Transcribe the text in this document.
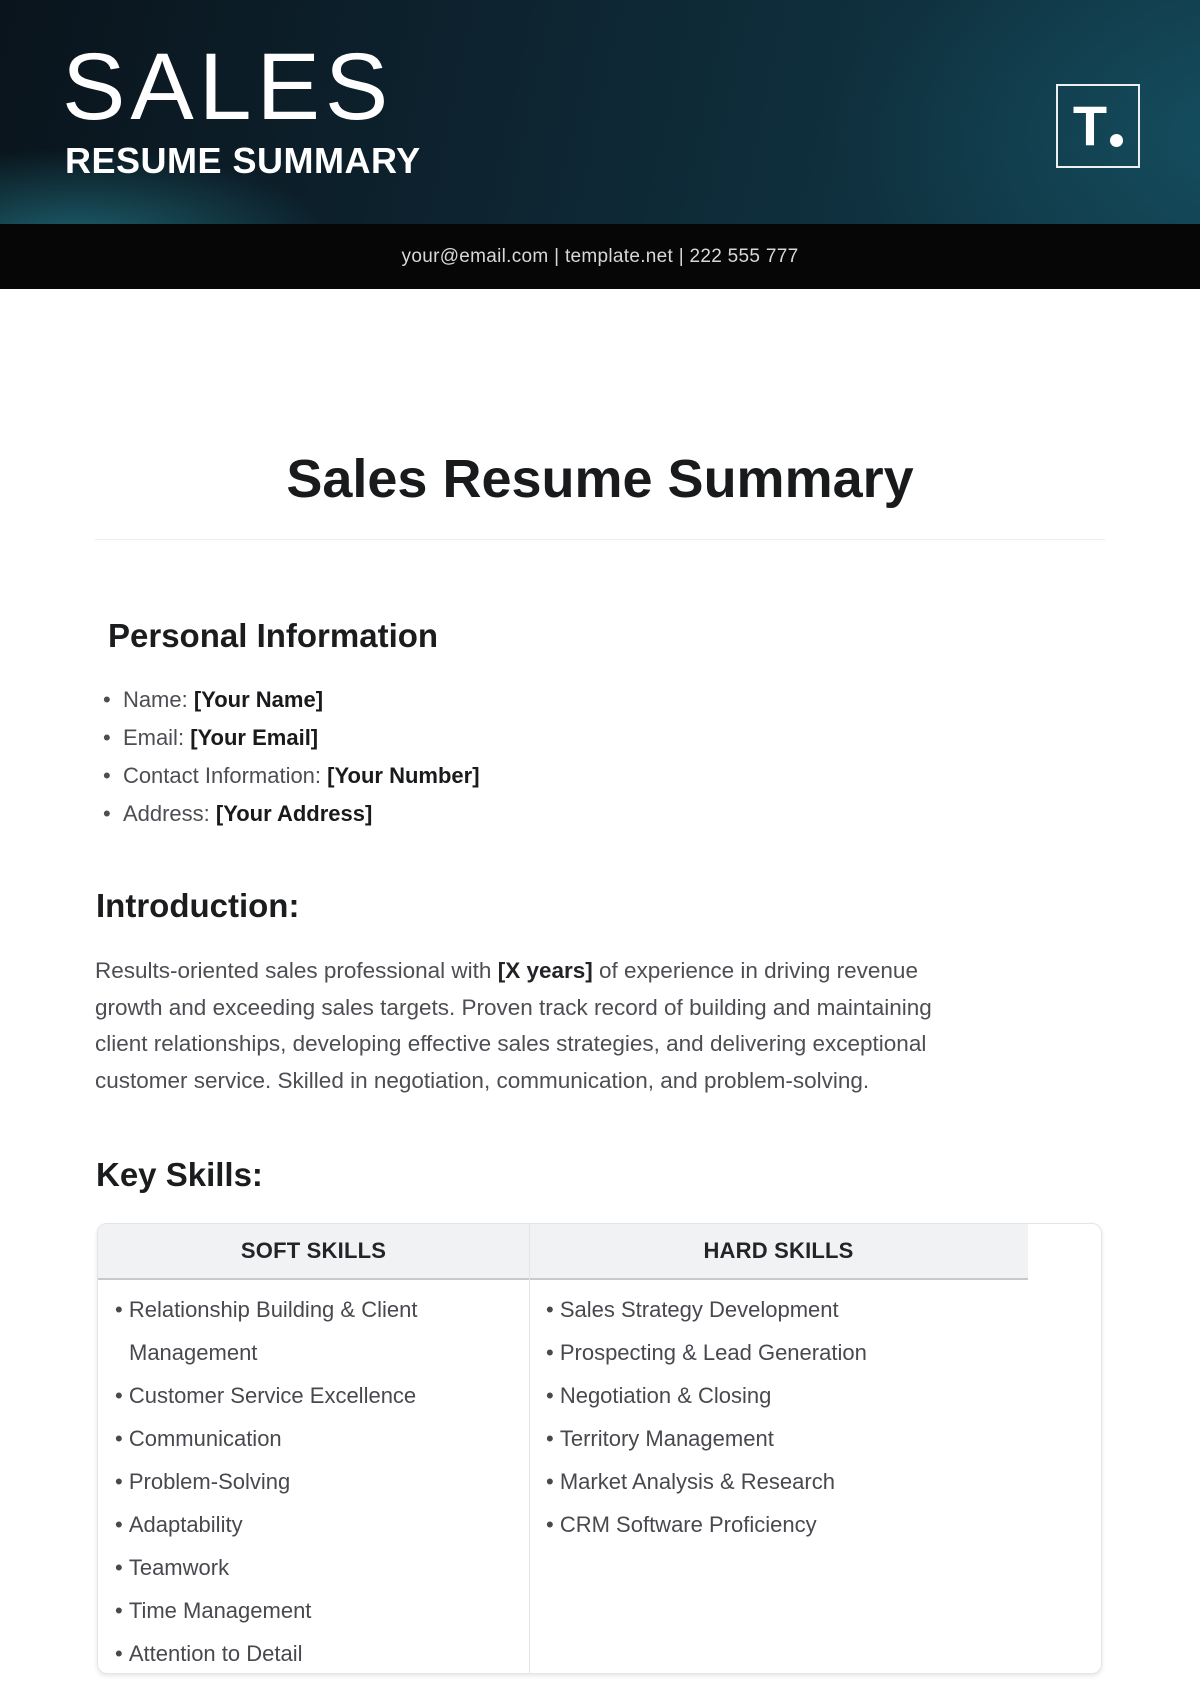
SALES
RESUME SUMMARY
T
your@email.com | template.net | 222 555 777
Sales Resume Summary
Personal Information
•  Name: [Your Name]
•  Email: [Your Email]
•  Contact Information: [Your Number]
•  Address: [Your Address]
Introduction:
Results-oriented sales professional with [X years] of experience in driving revenue
growth and exceeding sales targets. Proven track record of building and maintaining
client relationships, developing effective sales strategies, and delivering exceptional
customer service. Skilled in negotiation, communication, and problem-solving.
Key Skills:
SOFT SKILLS	HARD SKILLS
• Relationship Building & Client Management
• Customer Service Excellence
• Communication
• Problem-Solving
• Adaptability
• Teamwork
• Time Management
• Attention to Detail
• Sales Strategy Development
• Prospecting & Lead Generation
• Negotiation & Closing
• Territory Management
• Market Analysis & Research
• CRM Software Proficiency
